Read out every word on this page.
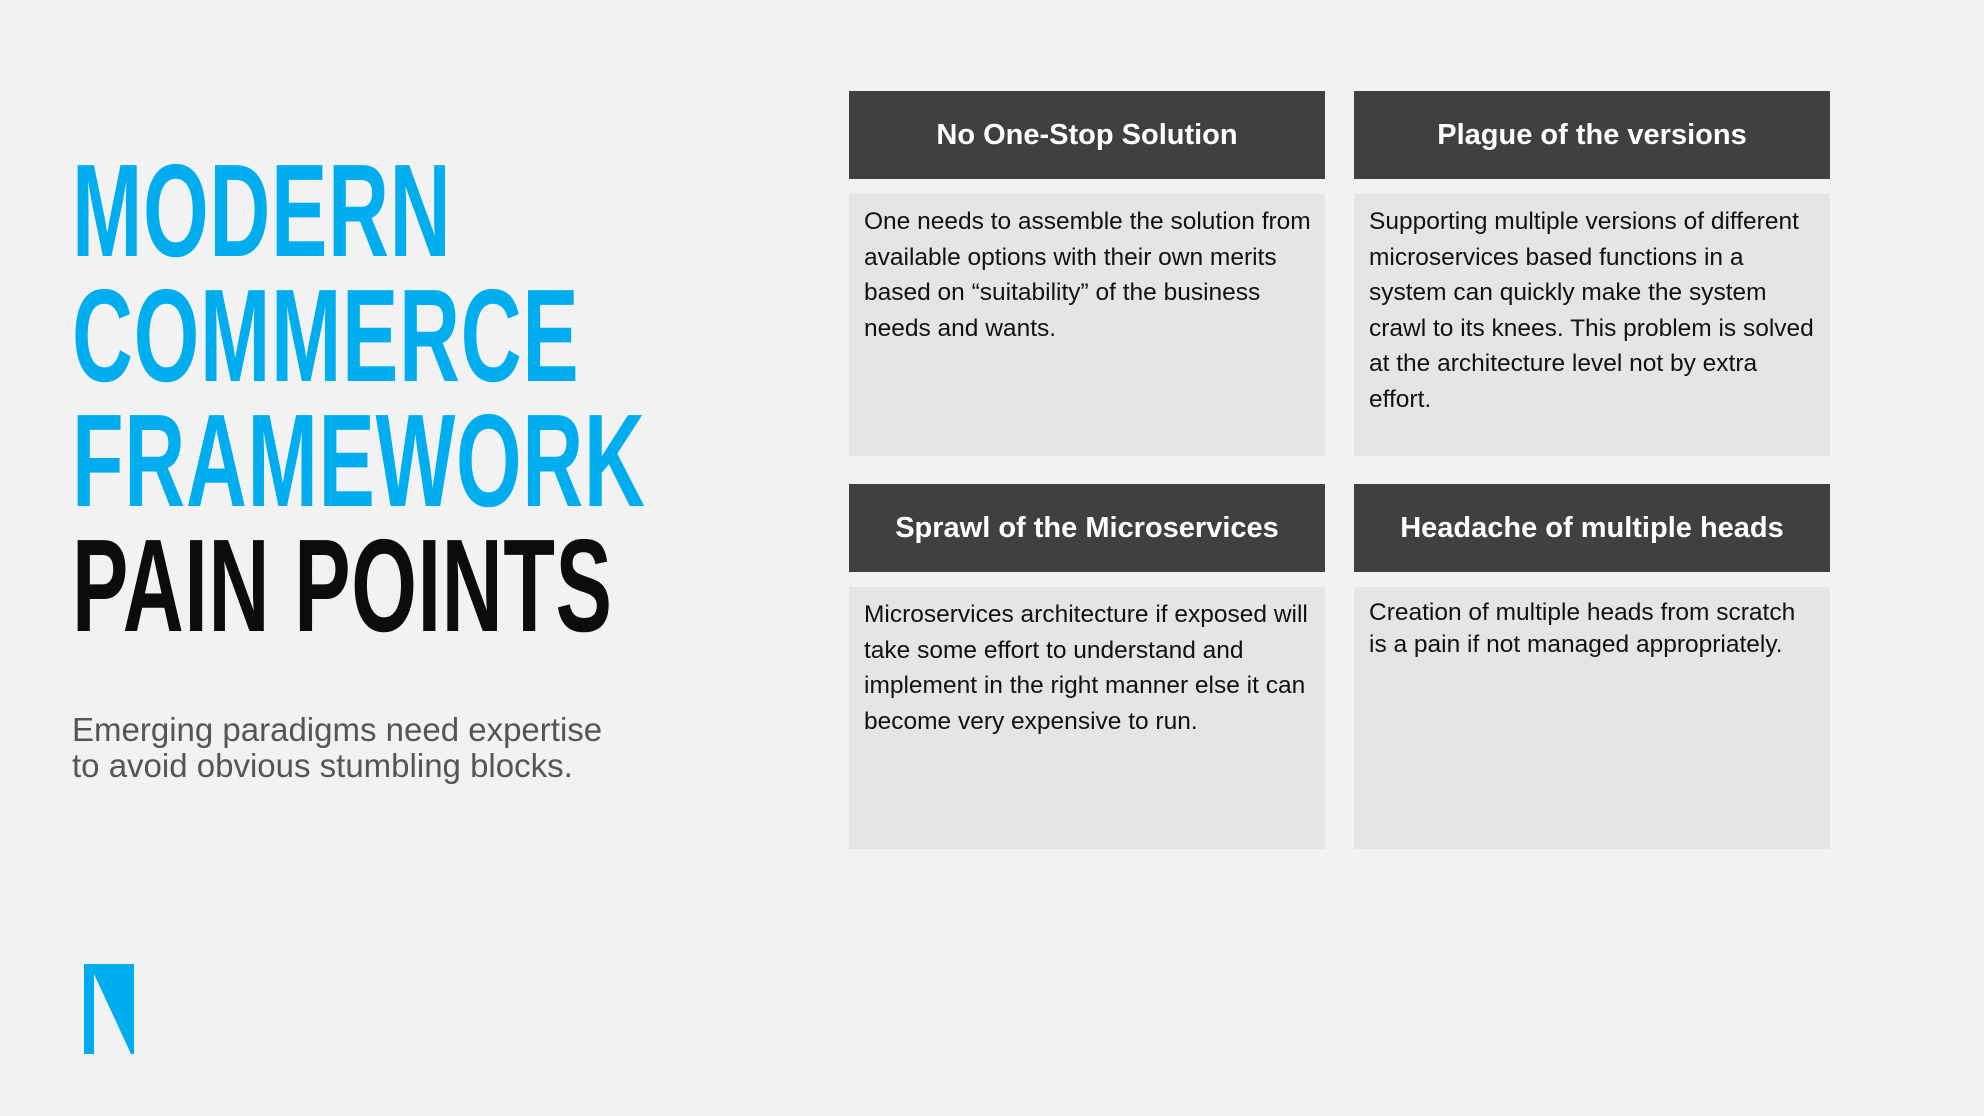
MODERN
COMMERCE
FRAMEWORK
PAIN POINTS

Emerging paradigms need expertise
to avoid obvious stumbling blocks.

No One-Stop Solution
One needs to assemble the solution from available options with their own merits based on “suitability” of the business needs and wants.
Plague of the versions
Supporting multiple versions of different microservices based functions in a system can quickly make the system crawl to its knees. This problem is solved at the architecture level not by extra effort.
Sprawl of the Microservices
Microservices architecture if exposed will take some effort to understand and implement in the right manner else it can become very expensive to run.
Headache of multiple heads
Creation of multiple heads from scratch is a pain if not managed appropriately.
